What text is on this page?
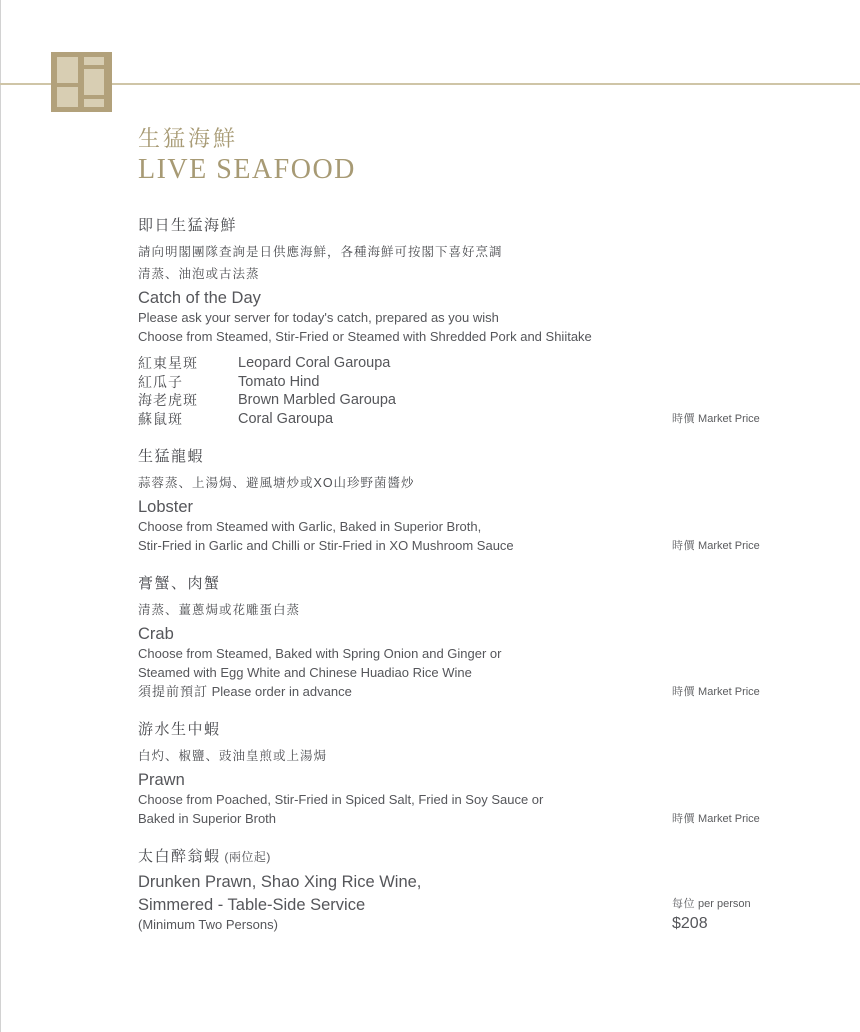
生猛海鮮
LIVE SEAFOOD
即日生猛海鮮
請向明閣團隊查詢是日供應海鮮，各種海鮮可按閣下喜好烹調
清蒸、油泡或古法蒸
Catch of the Day
Please ask your server for today's catch, prepared as you wish
Choose from Steamed, Stir-Fried or Steamed with Shredded Pork and Shiitake
紅東星斑	Leopard Coral Garoupa
紅瓜子	Tomato Hind
海老虎斑	Brown Marbled Garoupa
蘇鼠斑	Coral Garoupa	時價 Market Price
生猛龍蝦
蒜蓉蒸、上湯焗、避風塘炒或XO山珍野菌醬炒
Lobster
Choose from Steamed with Garlic, Baked in Superior Broth,
Stir-Fried in Garlic and Chilli or Stir-Fried in XO Mushroom Sauce	時價 Market Price
膏蟹、肉蟹
清蒸、薑蔥焗或花雕蛋白蒸
Crab
Choose from Steamed, Baked with Spring Onion and Ginger or
Steamed with Egg White and Chinese Huadiao Rice Wine
須提前預訂 Please order in advance	時價 Market Price
游水生中蝦
白灼、椒鹽、豉油皇煎或上湯焗
Prawn
Choose from Poached, Stir-Fried in Spiced Salt, Fried in Soy Sauce or
Baked in Superior Broth	時價 Market Price
太白醉翁蝦 (兩位起)
Drunken Prawn, Shao Xing Rice Wine,
Simmered - Table-Side Service
(Minimum Two Persons)
每位 per person
$208
